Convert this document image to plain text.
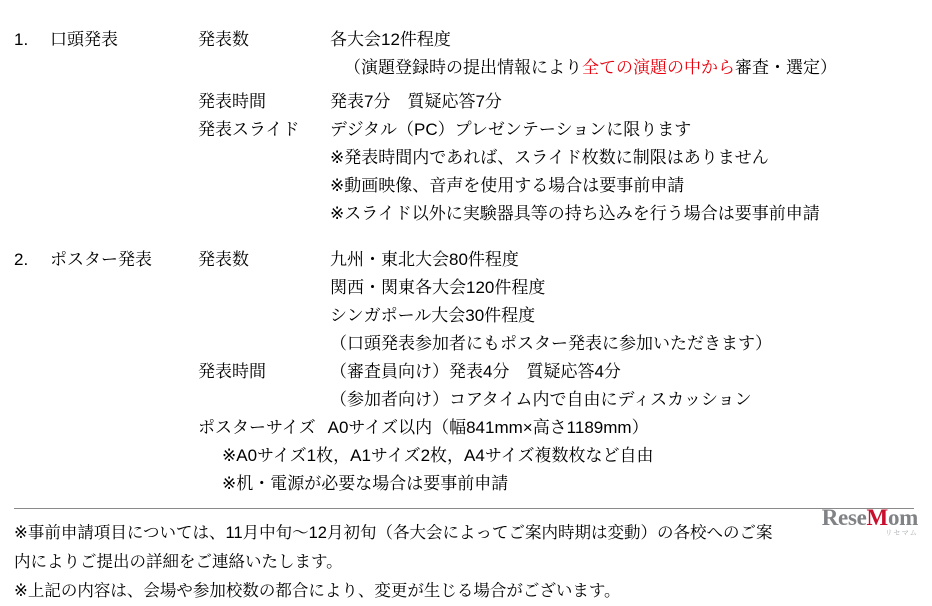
1.	口頭発表	発表数	各大会12件程度
（演題登録時の提出情報により全ての演題の中から審査・選定）
発表時間	発表7分　質疑応答7分
発表スライド	デジタル（PC）プレゼンテーションに限ります
※発表時間内であれば、スライド枚数に制限はありません
※動画映像、音声を使用する場合は要事前申請
※スライド以外に実験器具等の持ち込みを行う場合は要事前申請
2.	ポスター発表	発表数	九州・東北大会80件程度
関西・関東各大会120件程度
シンガポール大会30件程度
（口頭発表参加者にもポスター発表に参加いただきます）
発表時間	（審査員向け）発表4分　質疑応答4分
（参加者向け）コアタイム内で自由にディスカッション
ポスターサイズ A0サイズ以内（幅841mm×高さ1189mm）
※A0サイズ1枚，A1サイズ2枚，A4サイズ複数枚など自由
※机・電源が必要な場合は要事前申請
※事前申請項目については、11月中旬～12月初旬（各大会によってご案内時期は変動）の各校へのご案
内によりご提出の詳細をご連絡いたします。
※上記の内容は、会場や参加校数の都合により、変更が生じる場合がございます。
ReseMom
リセマム
